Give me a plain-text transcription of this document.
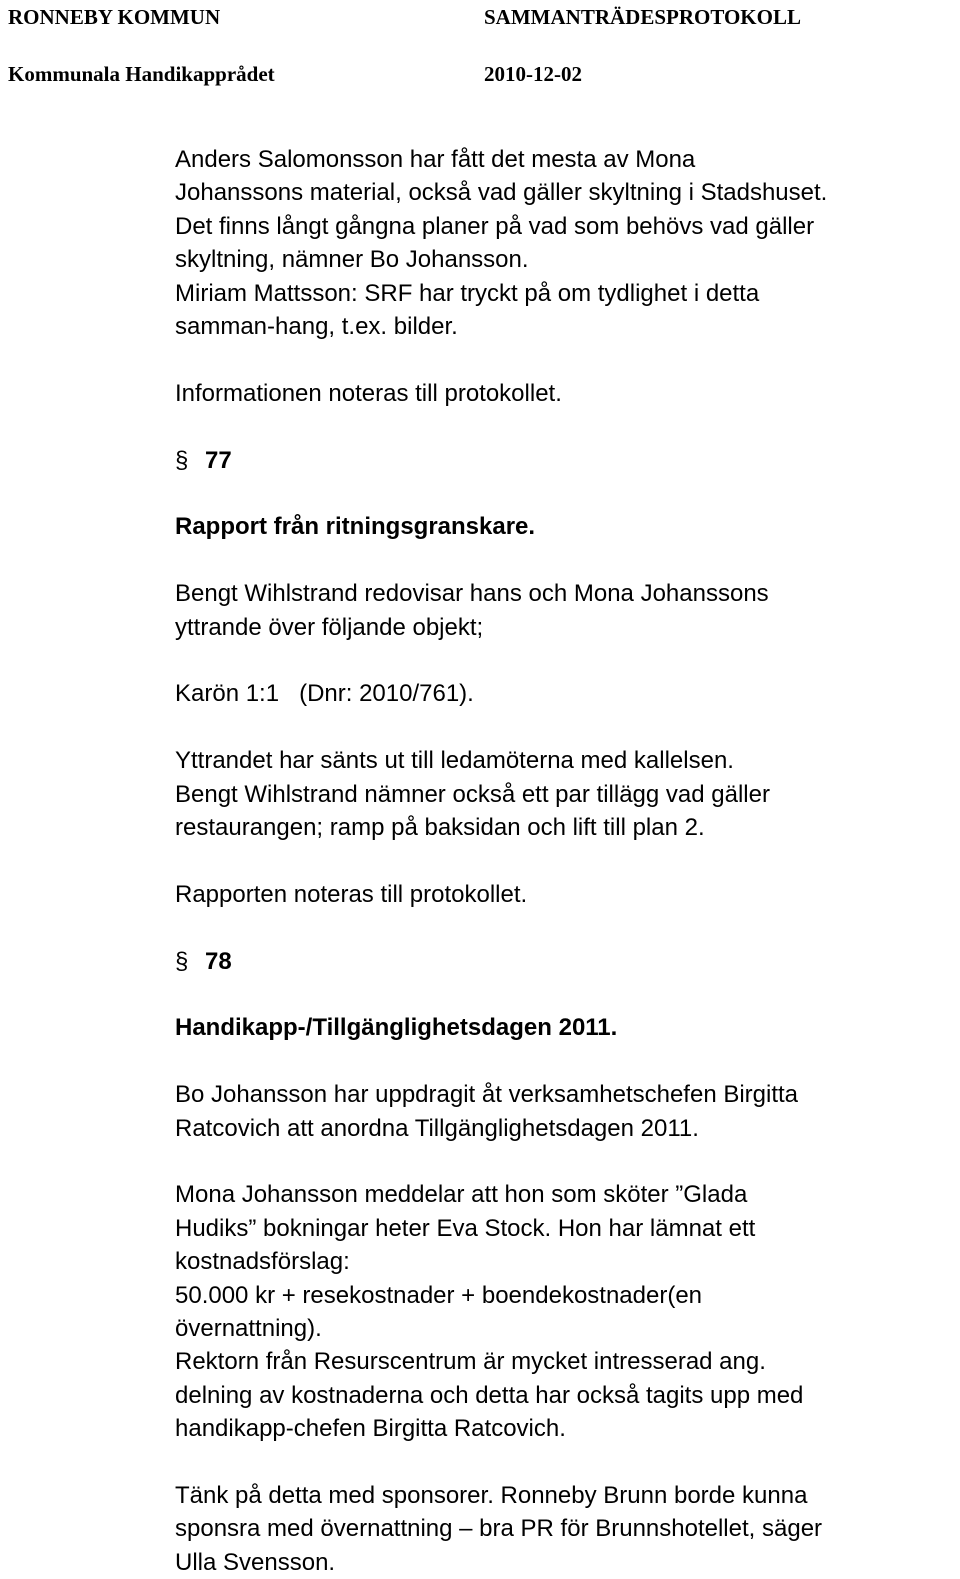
RONNEBY KOMMUN	SAMMANTRÄDESPROTOKOLL
Kommunala Handikapprådet	2010-12-02

Anders Salomonsson har fått det mesta av Mona

Johanssons material, också vad gäller skyltning i Stadshuset.

Det finns långt gångna planer på vad som behövs vad gäller

skyltning, nämner Bo Johansson.

Miriam Mattsson: SRF har tryckt på om tydlighet i detta

samman-hang, t.ex. bilder.

Informationen noteras till protokollet.

§ 77

Rapport från ritningsgranskare.

Bengt Wihlstrand redovisar hans och Mona Johanssons

yttrande över följande objekt;

Karön 1:1   (Dnr: 2010/761).

Yttrandet har sänts ut till ledamöterna med kallelsen.

Bengt Wihlstrand nämner också ett par tillägg vad gäller

restaurangen; ramp på baksidan och lift till plan 2.

Rapporten noteras till protokollet.

§ 78

Handikapp-/Tillgänglighetsdagen 2011.

Bo Johansson har uppdragit åt verksamhetschefen Birgitta

Ratcovich att anordna Tillgänglighetsdagen 2011.

Mona Johansson meddelar att hon som sköter ”Glada

Hudiks” bokningar heter Eva Stock. Hon har lämnat ett

kostnadsförslag:

50.000 kr + resekostnader + boendekostnader(en

övernattning).

Rektorn från Resurscentrum är mycket intresserad ang.

delning av kostnaderna och detta har också tagits upp med

handikapp-chefen Birgitta Ratcovich.

Tänk på detta med sponsorer. Ronneby Brunn borde kunna

sponsra med övernattning – bra PR för Brunnshotellet, säger

Ulla Svensson.
